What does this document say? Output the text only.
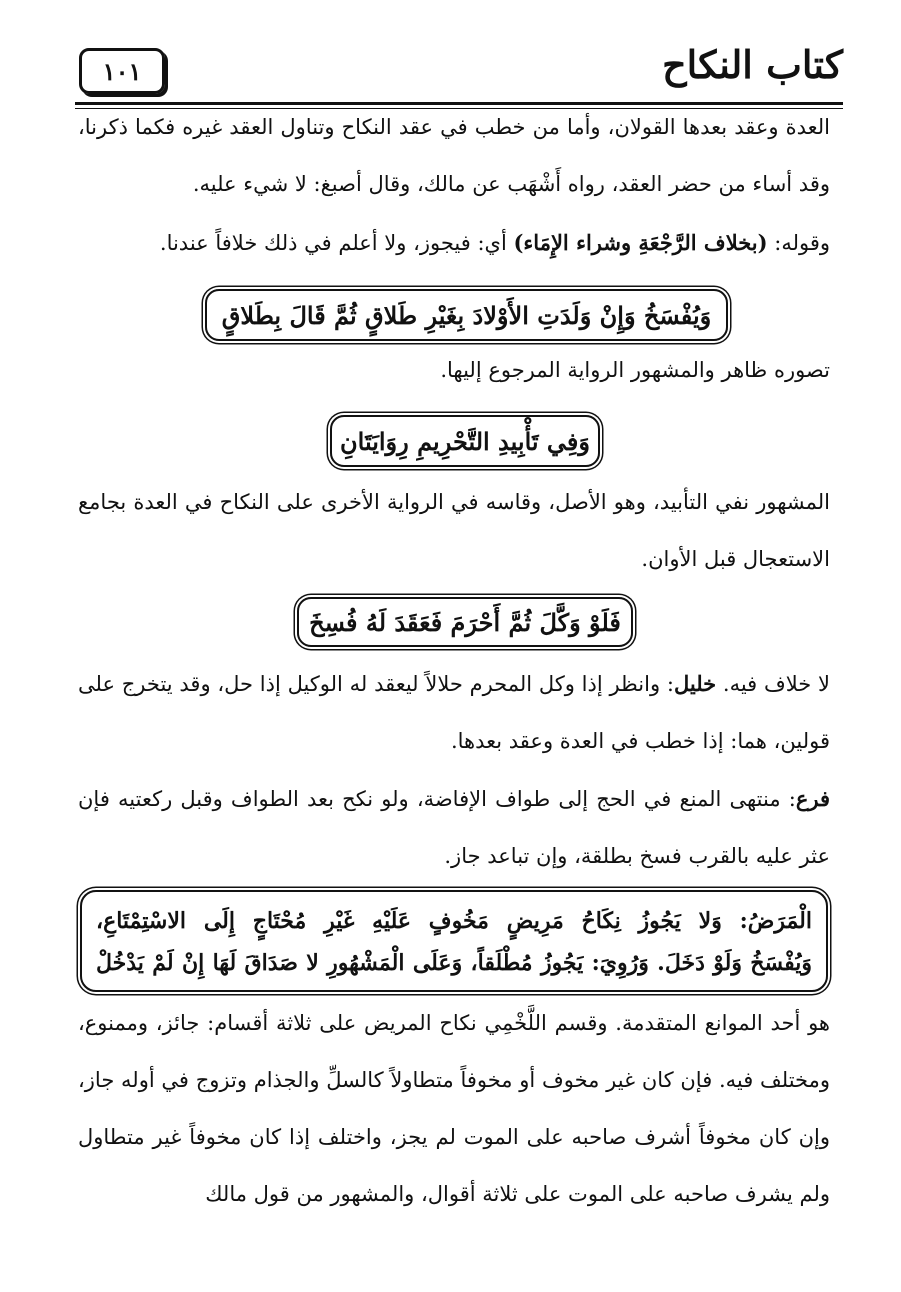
كتاب النكاح
١٠١
العدة وعقد بعدها القولان، وأما من خطب في عقد النكاح وتناول العقد غيره فكما ذكرنا، وقد أساء من حضر العقد، رواه أَشْهَب عن مالك، وقال أصبغ: لا شيء عليه.
وقوله: (بخلاف الرَّجْعَةِ وشراء الإِمَاء) أي: فيجوز، ولا أعلم في ذلك خلافاً عندنا.
وَيُفْسَخُ وَإِنْ وَلَدَتِ الأَوْلادَ بِغَيْرِ طَلاقٍ ثُمَّ قَالَ بِطَلاقٍ
تصوره ظاهر والمشهور الرواية المرجوع إليها.
وَفِي تَأْبِيدِ التَّحْرِيمِ رِوَايَتَانِ
المشهور نفي التأبيد، وهو الأصل، وقاسه في الرواية الأخرى على النكاح في العدة بجامع الاستعجال قبل الأوان.
فَلَوْ وَكَّلَ ثُمَّ أَحْرَمَ فَعَقَدَ لَهُ فُسِخَ
لا خلاف فيه. خليل: وانظر إذا وكل المحرم حلالاً ليعقد له الوكيل إذا حل، وقد يتخرج على قولين، هما: إذا خطب في العدة وعقد بعدها.
فرع: منتهى المنع في الحج إلى طواف الإفاضة، ولو نكح بعد الطواف وقبل ركعتيه فإن عثر عليه بالقرب فسخ بطلقة، وإن تباعد جاز.
الْمَرَضُ: وَلا يَجُوزُ نِكَاحُ مَرِيضٍ مَخُوفٍ عَلَيْهِ غَيْرِ مُحْتَاجٍ إِلَى الاسْتِمْتَاعِ،
وَيُفْسَخُ وَلَوْ دَخَلَ. وَرُوِيَ: يَجُوزُ مُطْلَقاً، وَعَلَى الْمَشْهُورِ لا صَدَاقَ لَهَا إِنْ لَمْ يَدْخُلْ
هو أحد الموانع المتقدمة. وقسم اللَّخْمِي نكاح المريض على ثلاثة أقسام: جائز، وممنوع، ومختلف فيه. فإن كان غير مخوف أو مخوفاً متطاولاً كالسلِّ والجذام وتزوج في أوله جاز، وإن كان مخوفاً أشرف صاحبه على الموت لم يجز، واختلف إذا كان مخوفاً غير متطاول ولم يشرف صاحبه على الموت على ثلاثة أقوال، والمشهور من قول مالك
